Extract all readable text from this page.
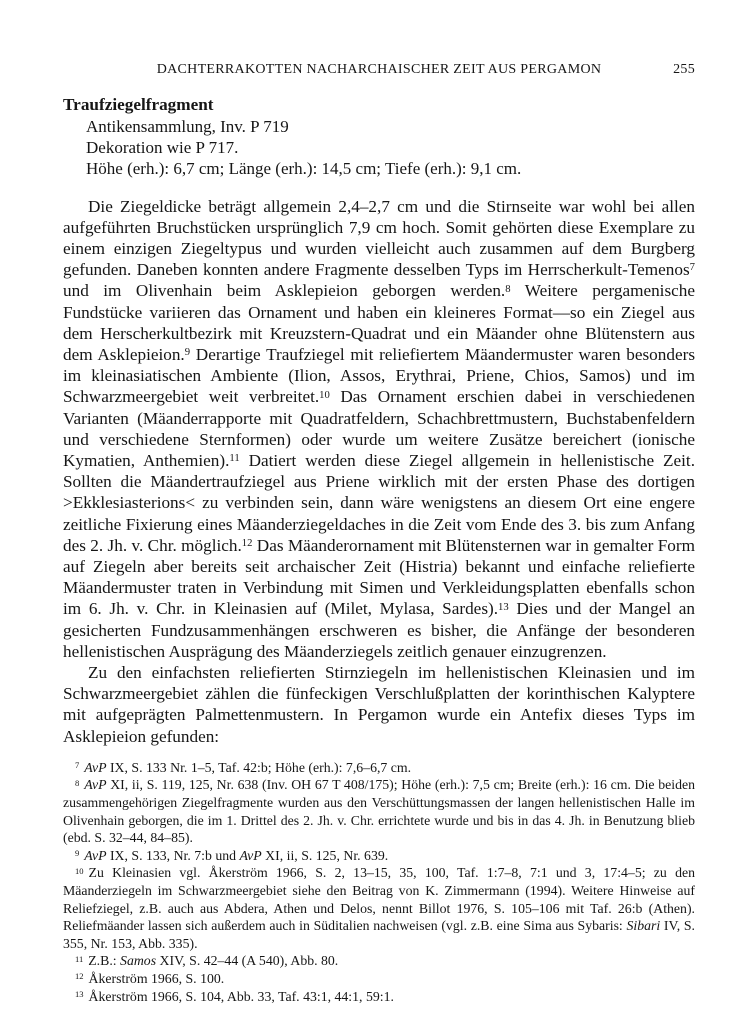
DACHTERRAKOTTEN NACHARCHAISCHER ZEIT AUS PERGAMON	255
Traufziegelfragment
Antikensammlung, Inv. P 719
Dekoration wie P 717.
Höhe (erh.): 6,7 cm; Länge (erh.): 14,5 cm; Tiefe (erh.): 9,1 cm.

Die Ziegeldicke beträgt allgemein 2,4–2,7 cm und die Stirnseite war wohl bei allen aufgeführten Bruchstücken ursprünglich 7,9 cm hoch. Somit gehörten diese Exemplare zu einem einzigen Ziegeltypus und wurden vielleicht auch zusammen auf dem Burgberg gefunden. Daneben konnten andere Fragmente desselben Typs im Herrscherkult-Temenos$^7$ und im Olivenhain beim Asklepieion geborgen werden.$^8$ Weitere pergamenische Fundstücke variieren das Ornament und haben ein kleineres Format—so ein Ziegel aus dem Herscherkultbezirk mit Kreuzstern-Quadrat und ein Mäander ohne Blütenstern aus dem Asklepieion.$^9$ Derartige Traufziegel mit reliefiertem Mäandermuster waren besonders im kleinasiatischen Ambiente (Ilion, Assos, Erythrai, Priene, Chios, Samos) und im Schwarzmeergebiet weit verbreitet.$^{10}$ Das Ornament erschien dabei in verschiedenen Varianten (Mäanderrapporte mit Quadratfeldern, Schachbrettmustern, Buchstabenfeldern und verschiedene Sternformen) oder wurde um weitere Zusätze bereichert (ionische Kymatien, Anthemien).$^{11}$ Datiert werden diese Ziegel allgemein in hellenistische Zeit. Sollten die Mäandertraufziegel aus Priene wirklich mit der ersten Phase des dortigen >Ekklesiasterions< zu verbinden sein, dann wäre wenigstens an diesem Ort eine engere zeitliche Fixierung eines Mäanderziegeldaches in die Zeit vom Ende des 3. bis zum Anfang des 2. Jh. v. Chr. möglich.$^{12}$ Das Mäanderornament mit Blütensternen war in gemalter Form auf Ziegeln aber bereits seit archaischer Zeit (Histria) bekannt und einfache reliefierte Mäandermuster traten in Verbindung mit Simen und Verkleidungsplatten ebenfalls schon im 6. Jh. v. Chr. in Kleinasien auf (Milet, Mylasa, Sardes).$^{13}$ Dies und der Mangel an gesicherten Fundzusammenhängen erschweren es bisher, die Anfänge der besonderen hellenistischen Ausprägung des Mäanderziegels zeitlich genauer einzugrenzen.

Zu den einfachsten reliefierten Stirnziegeln im hellenistischen Kleinasien und im Schwarzmeergebiet zählen die fünfeckigen Verschlußplatten der korinthischen Kalyptere mit aufgeprägten Palmettenmustern. In Pergamon wurde ein Antefix dieses Typs im Asklepieion gefunden:

$^7$ AvP IX, S. 133 Nr. 1–5, Taf. 42:b; Höhe (erh.): 7,6–6,7 cm.
$^8$ AvP XI, ii, S. 119, 125, Nr. 638 (Inv. OH 67 T 408/175); Höhe (erh.): 7,5 cm; Breite (erh.): 16 cm. Die beiden zusammengehörigen Ziegelfragmente wurden aus den Verschüttungsmassen der langen hellenistischen Halle im Olivenhain geborgen, die im 1. Drittel des 2. Jh. v. Chr. errichtete wurde und bis in das 4. Jh. in Benutzung blieb (ebd. S. 32–44, 84–85).
$^9$ AvP IX, S. 133, Nr. 7:b und AvP XI, ii, S. 125, Nr. 639.
$^{10}$ Zu Kleinasien vgl. Åkerström 1966, S. 2, 13–15, 35, 100, Taf. 1:7–8, 7:1 und 3, 17:4–5; zu den Mäanderziegeln im Schwarzmeergebiet siehe den Beitrag von K. Zimmermann (1994). Weitere Hinweise auf Reliefziegel, z.B. auch aus Abdera, Athen und Delos, nennt Billot 1976, S. 105–106 mit Taf. 26:b (Athen). Reliefmäander lassen sich außerdem auch in Süditalien nachweisen (vgl. z.B. eine Sima aus Sybaris: Sibari IV, S. 355, Nr. 153, Abb. 335).
$^{11}$ Z.B.: Samos XIV, S. 42–44 (A 540), Abb. 80.
$^{12}$ Åkerström 1966, S. 100.
$^{13}$ Åkerström 1966, S. 104, Abb. 33, Taf. 43:1, 44:1, 59:1.
